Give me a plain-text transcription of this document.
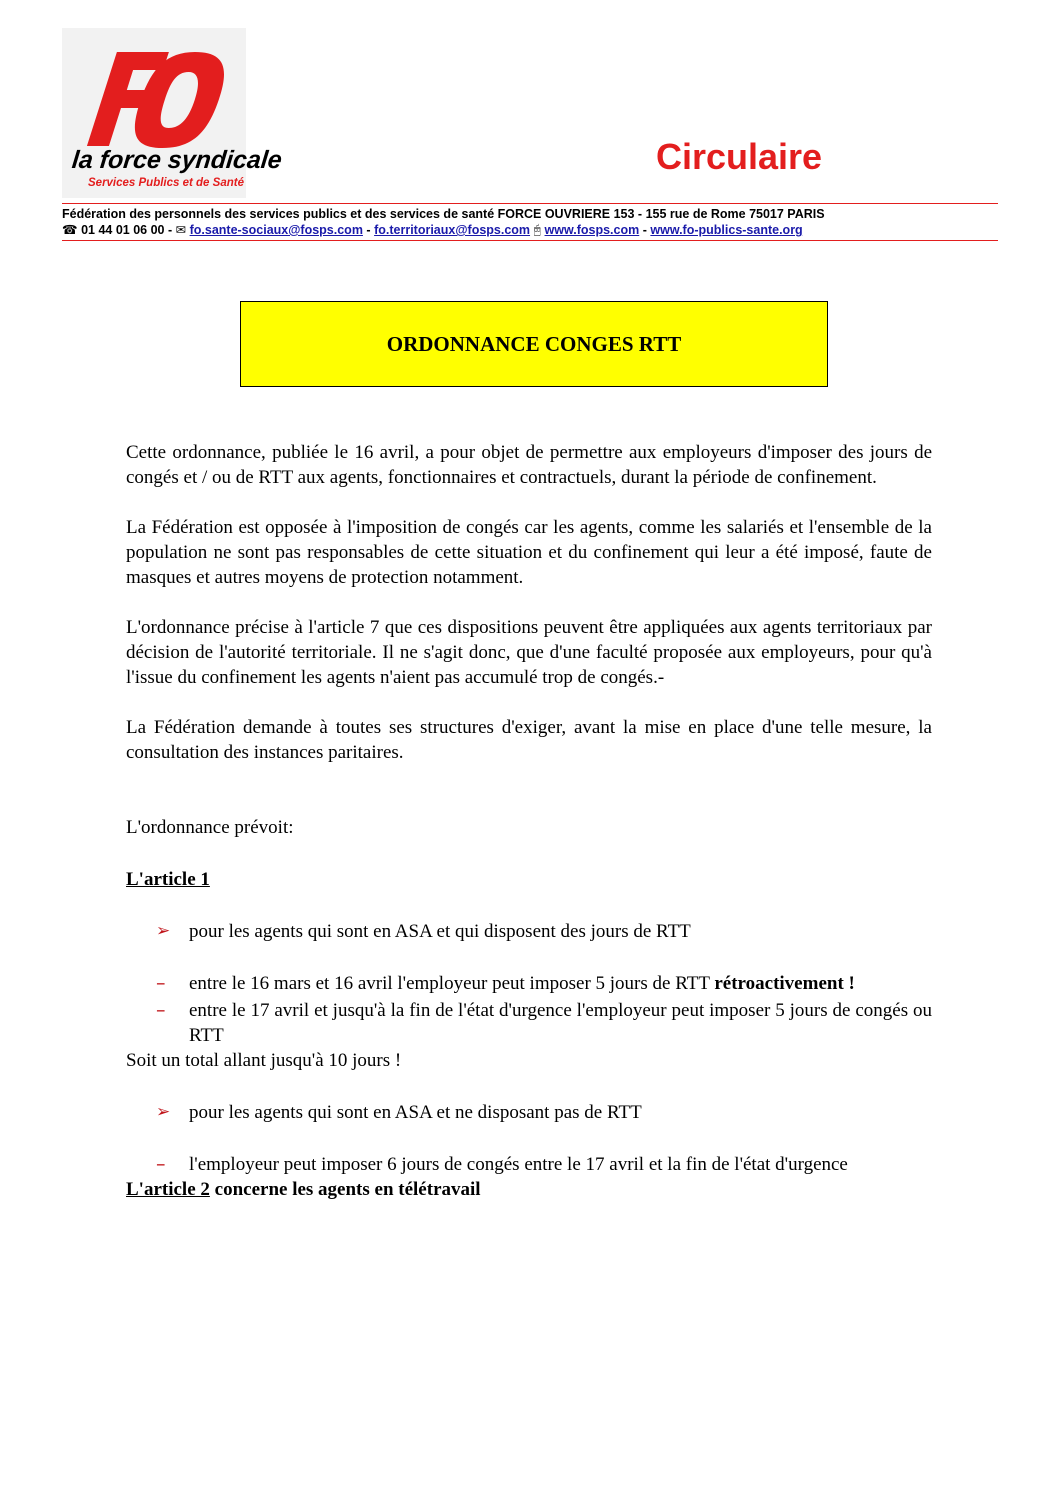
la force syndicale
Services Publics et de Santé
Circulaire
Fédération des personnels des services publics et des services de santé FORCE OUVRIERE 153 - 155 rue de Rome 75017 PARIS
☎ 01 44 01 06 00 - ✉ fo.sante-sociaux@fosps.com - fo.territoriaux@fosps.com 🖰 www.fosps.com - www.fo-publics-sante.org
ORDONNANCE CONGES RTT

Cette ordonnance, publiée le 16 avril, a pour objet de permettre aux employeurs d'imposer des jours de congés et / ou de RTT aux agents, fonctionnaires et contractuels, durant la période de confinement.

La Fédération est opposée à l'imposition de congés car les agents, comme les salariés et l'ensemble de la population ne sont pas responsables de cette situation et du confinement qui leur a été imposé, faute de masques et autres moyens de protection notamment.

L'ordonnance précise à l'article 7 que ces dispositions peuvent être appliquées aux agents territoriaux par décision de l'autorité territoriale. Il ne s'agit donc, que d'une faculté proposée aux employeurs, pour qu'à l'issue du confinement les agents n'aient pas accumulé trop de congés.-

La Fédération demande à toutes ses structures d'exiger, avant la mise en place d'une telle mesure, la consultation des instances paritaires.

L'ordonnance prévoit:

L'article 1

➢ pour les agents qui sont en ASA et qui disposent des jours de RTT
– entre le 16 mars et 16 avril l'employeur peut imposer 5 jours de RTT rétroactivement !
– entre le 17 avril et jusqu'à la fin de l'état d'urgence l'employeur peut imposer 5 jours de congés ou RTT

Soit un total allant jusqu'à 10 jours !

➢ pour les agents qui sont en ASA et ne disposant pas de RTT
– l'employeur peut imposer 6 jours de congés entre le 17 avril et la fin de l'état d'urgence

L'article 2 concerne les agents en télétravail
